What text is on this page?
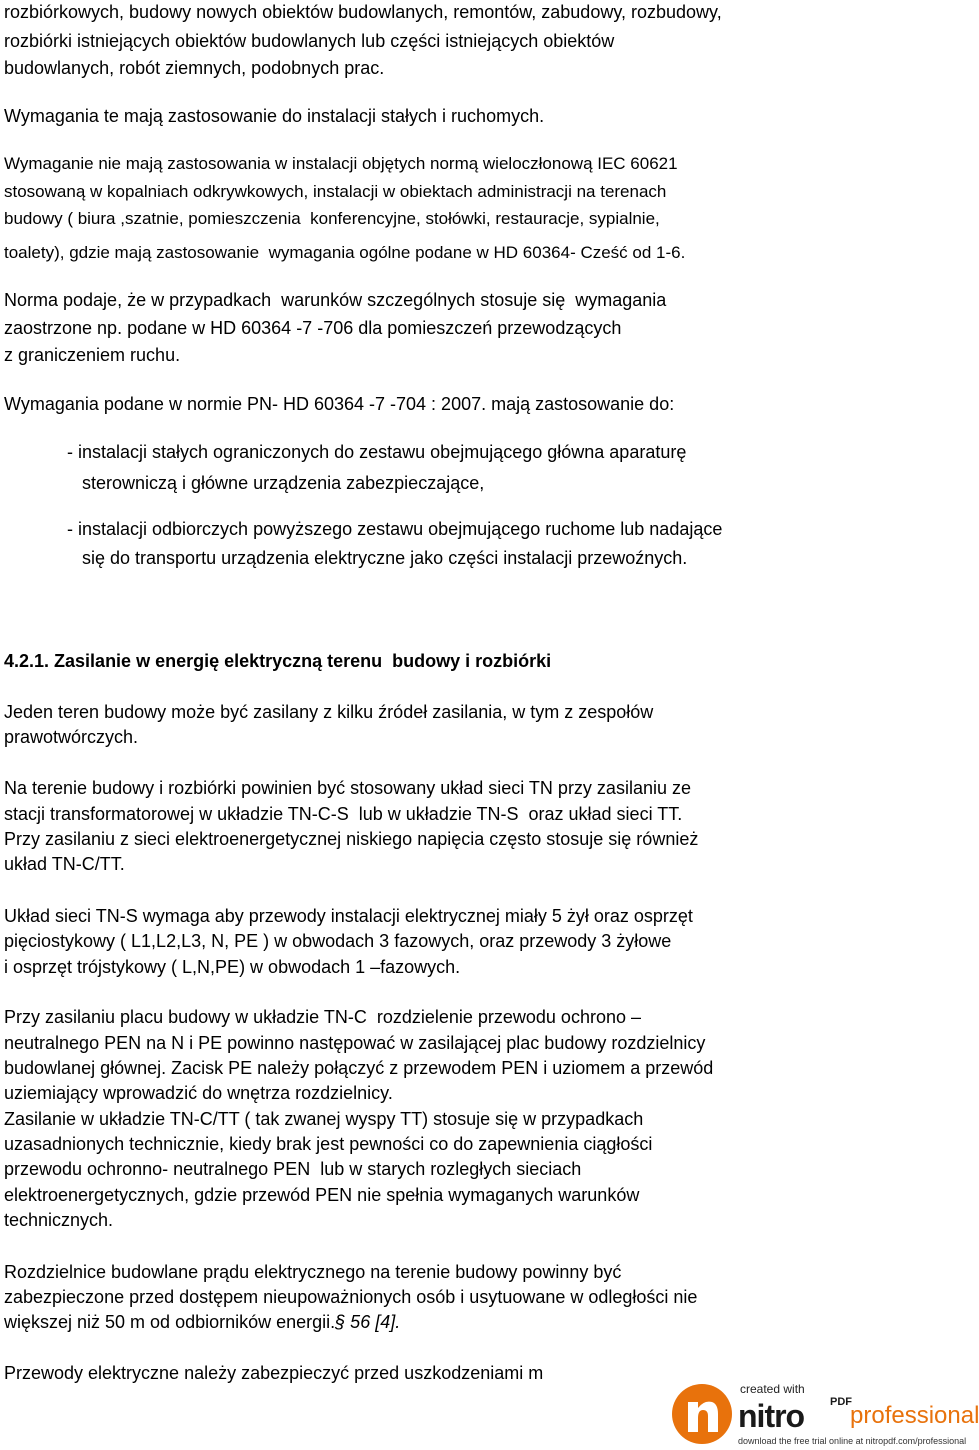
rozbiórkowych, budowy nowych obiektów budowlanych, remontów, zabudowy, rozbudowy,
rozbiórki istniejących obiektów budowlanych lub części istniejących obiektów
budowlanych, robót ziemnych, podobnych prac.
Wymagania te mają zastosowanie do instalacji stałych i ruchomych.
Wymaganie nie mają zastosowania w instalacji objętych normą wieloczłonową IEC 60621
stosowaną w kopalniach odkrywkowych, instalacji w obiektach administracji na terenach
budowy ( biura ,szatnie, pomieszczenia  konferencyjne, stołówki, restauracje, sypialnie,
toalety), gdzie mają zastosowanie  wymagania ogólne podane w HD 60364- Cześć od 1-6.
Norma podaje, że w przypadkach  warunków szczególnych stosuje się  wymagania
zaostrzone np. podane w HD 60364 -7 -706 dla pomieszczeń przewodzących
z graniczeniem ruchu.
Wymagania podane w normie PN- HD 60364 -7 -704 : 2007. mają zastosowanie do:
- instalacji stałych ograniczonych do zestawu obejmującego główna aparaturę
sterowniczą i główne urządzenia zabezpieczające,
- instalacji odbiorczych powyższego zestawu obejmującego ruchome lub nadające
się do transportu urządzenia elektryczne jako części instalacji przewoźnych.
4.2.1. Zasilanie w energię elektryczną terenu  budowy i rozbiórki
Jeden teren budowy może być zasilany z kilku źródeł zasilania, w tym z zespołów
prawotwórczych.
Na terenie budowy i rozbiórki powinien być stosowany układ sieci TN przy zasilaniu ze
stacji transformatorowej w układzie TN-C-S  lub w układzie TN-S  oraz układ sieci TT.
Przy zasilaniu z sieci elektroenergetycznej niskiego napięcia często stosuje się również
układ TN-C/TT.
Układ sieci TN-S wymaga aby przewody instalacji elektrycznej miały 5 żył oraz osprzęt
pięciostykowy ( L1,L2,L3, N, PE ) w obwodach 3 fazowych, oraz przewody 3 żyłowe
i osprzęt trójstykowy ( L,N,PE) w obwodach 1 –fazowych.
Przy zasilaniu placu budowy w układzie TN-C  rozdzielenie przewodu ochrono –
neutralnego PEN na N i PE powinno następować w zasilającej plac budowy rozdzielnicy
budowlanej głównej. Zacisk PE należy połączyć z przewodem PEN i uziomem a przewód
uziemiający wprowadzić do wnętrza rozdzielnicy.
Zasilanie w układzie TN-C/TT ( tak zwanej wyspy TT) stosuje się w przypadkach
uzasadnionych technicznie, kiedy brak jest pewności co do zapewnienia ciągłości
przewodu ochronno- neutralnego PEN  lub w starych rozległych sieciach
elektroenergetycznych, gdzie przewód PEN nie spełnia wymaganych warunków
technicznych.
Rozdzielnice budowlane prądu elektrycznego na terenie budowy powinny być
zabezpieczone przed dostępem nieupoważnionych osób i usytuowane w odległości nie
większej niż 50 m od odbiorników energii.§ 56 [4].
Przewody elektryczne należy zabezpieczyć przed uszkodzeniami m
created with
nitro PDF
professional
download the free trial online at nitropdf.com/professional
